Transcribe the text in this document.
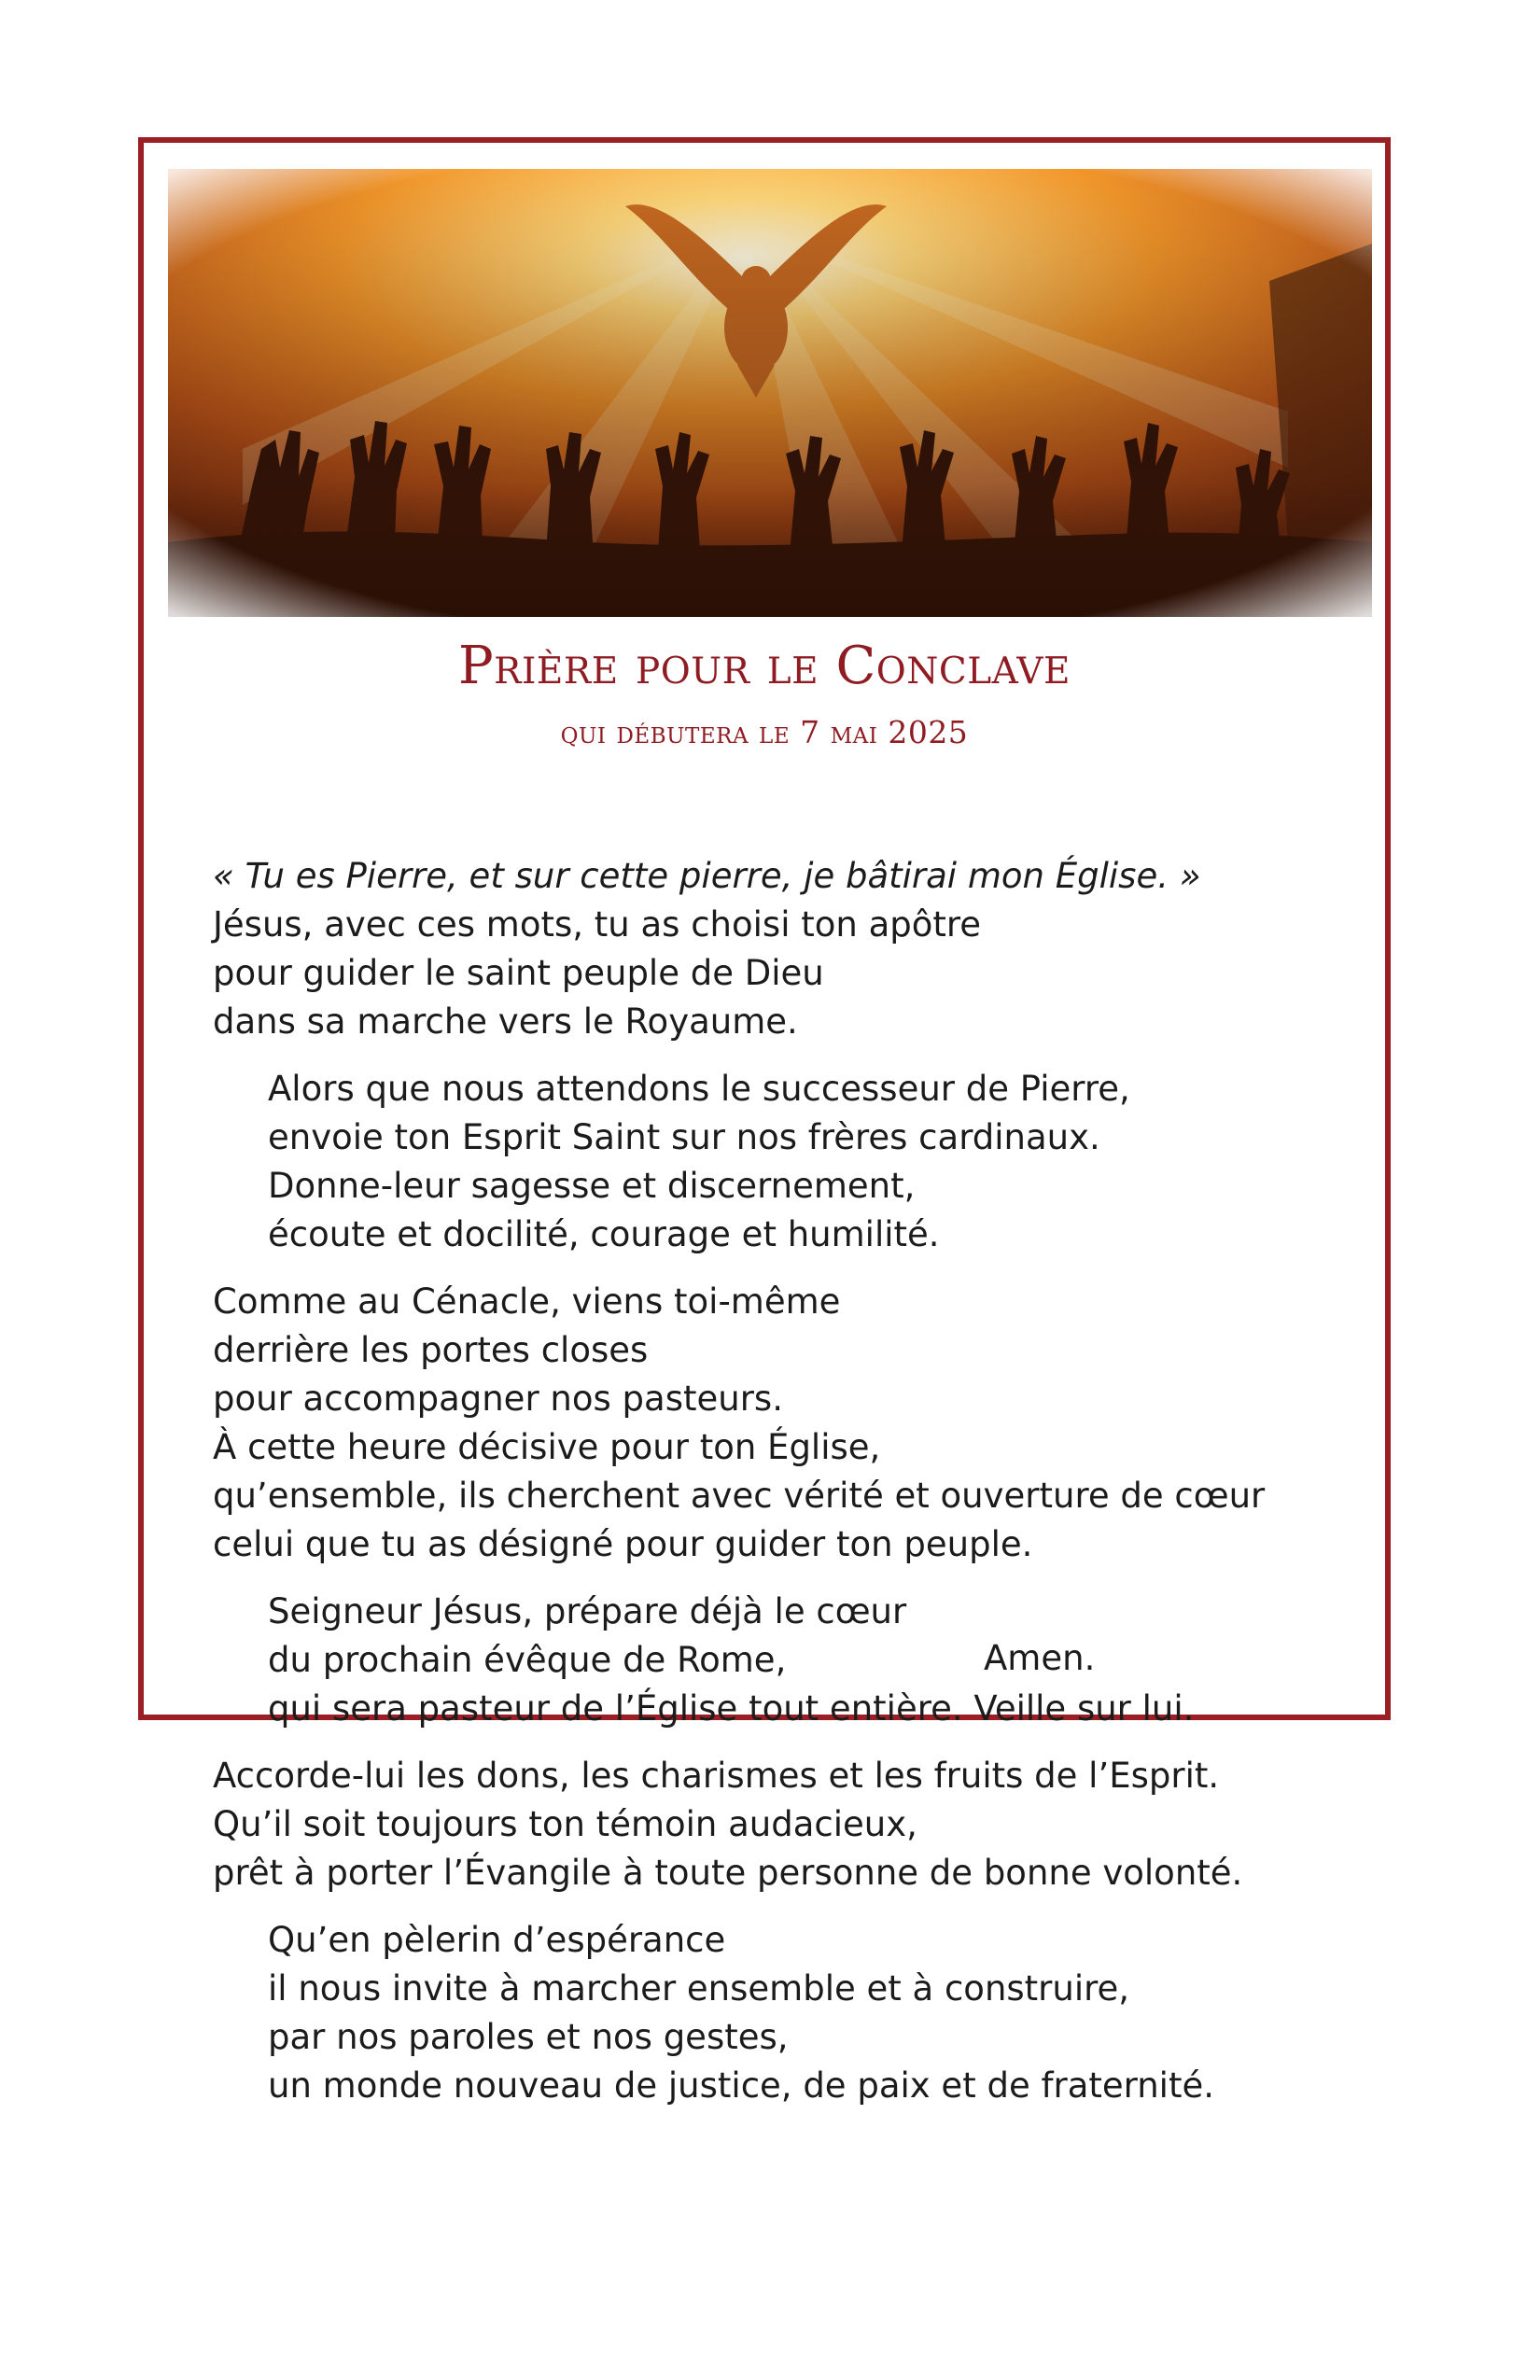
Prière pour le Conclave
qui débutera le 7 mai 2025
« Tu es Pierre, et sur cette pierre, je bâtirai mon Église. »
Jésus, avec ces mots, tu as choisi ton apôtre
pour guider le saint peuple de Dieu
dans sa marche vers le Royaume.
Alors que nous attendons le successeur de Pierre,
envoie ton Esprit Saint sur nos frères cardinaux.
Donne-leur sagesse et discernement,
écoute et docilité, courage et humilité.
Comme au Cénacle, viens toi-même
derrière les portes closes
pour accompagner nos pasteurs.
À cette heure décisive pour ton Église,
qu’ensemble, ils cherchent avec vérité et ouverture de cœur
celui que tu as désigné pour guider ton peuple.
Seigneur Jésus, prépare déjà le cœur
du prochain évêque de Rome,
qui sera pasteur de l’Église tout entière. Veille sur lui.
Accorde-lui les dons, les charismes et les fruits de l’Esprit.
Qu’il soit toujours ton témoin audacieux,
prêt à porter l’Évangile à toute personne de bonne volonté.
Qu’en pèlerin d’espérance
il nous invite à marcher ensemble et à construire,
par nos paroles et nos gestes,
un monde nouveau de justice, de paix et de fraternité.
Amen.
